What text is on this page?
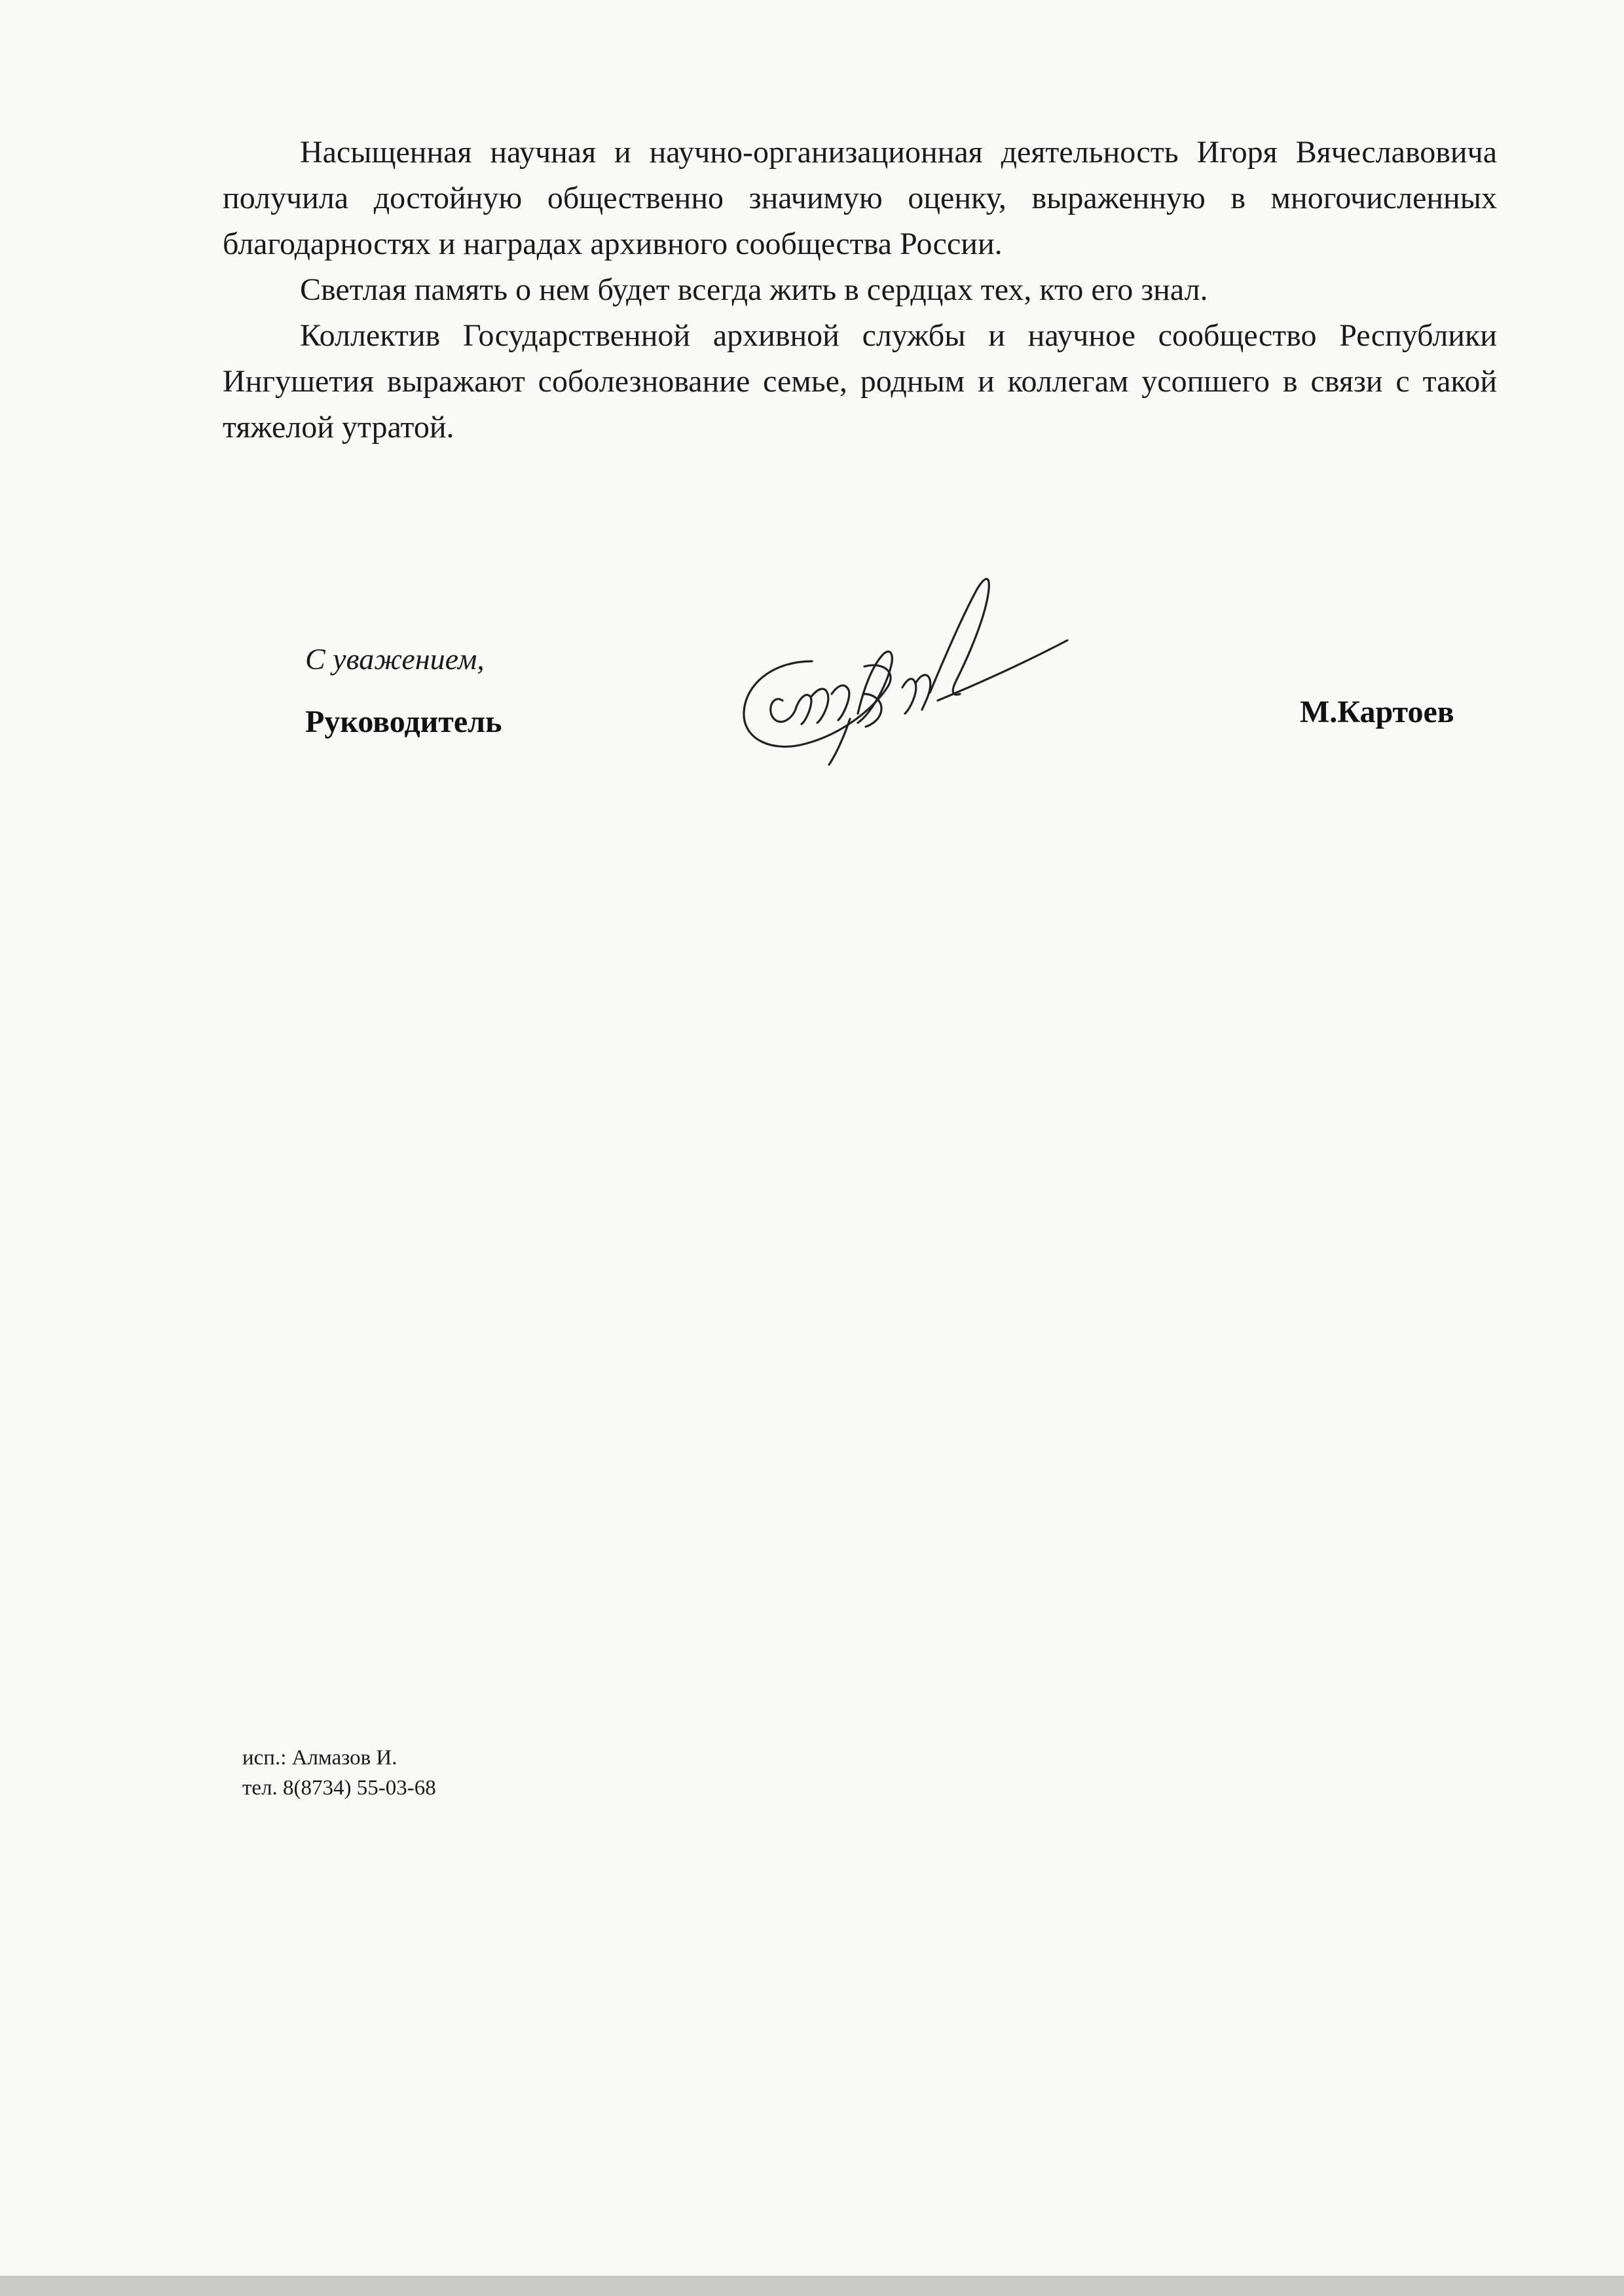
Насыщенная научная и научно-организационная деятельность Игоря Вячеславовича получила достойную общественно значимую оценку, выраженную в многочисленных благодарностях и наградах архивного сообщества России.

Светлая память о нем будет всегда жить в сердцах тех, кто его знал.

Коллектив Государственной архивной службы и научное сообщество Республики Ингушетия выражают соболезнование семье, родным и коллегам усопшего в связи с такой тяжелой утратой.

С уважением,
Руководитель	М.Картоев
исп.: Алмазов И.
тел. 8(8734) 55-03-68
